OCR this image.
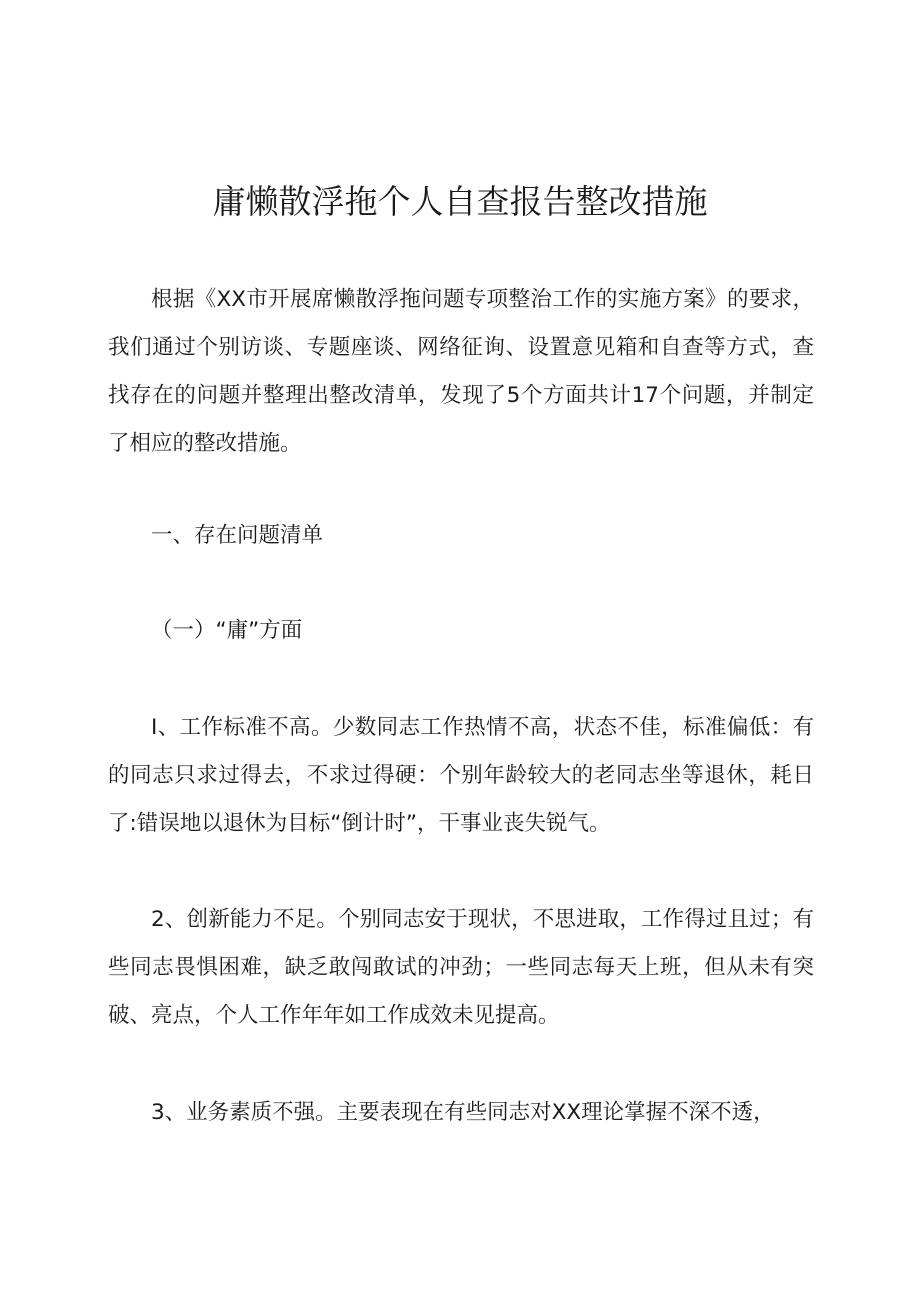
庸懒散浮拖个人自查报告整改措施

根据《XX市开展席懒散浮拖问题专项整治工作的实施方案》的要求，我们通过个别访谈、专题座谈、网络征询、设置意见箱和自查等方式，查找存在的问题并整理出整改清单，发现了5个方面共计17个问题，并制定了相应的整改措施。

一、存在问题清单

（一）“庸”方面

I、工作标准不高。少数同志工作热情不高，状态不佳，标准偏低：有的同志只求过得去，不求过得硬：个别年龄较大的老同志坐等退休，耗日了:错误地以退休为目标“倒计时”，干事业丧失锐气。

2、创新能力不足。个别同志安于现状，不思进取，工作得过且过；有些同志畏惧困难，缺乏敢闯敢试的冲劲；一些同志每天上班，但从未有突破、亮点，个人工作年年如工作成效未见提高。

3、业务素质不强。主要表现在有些同志对XX理论掌握不深不透，
